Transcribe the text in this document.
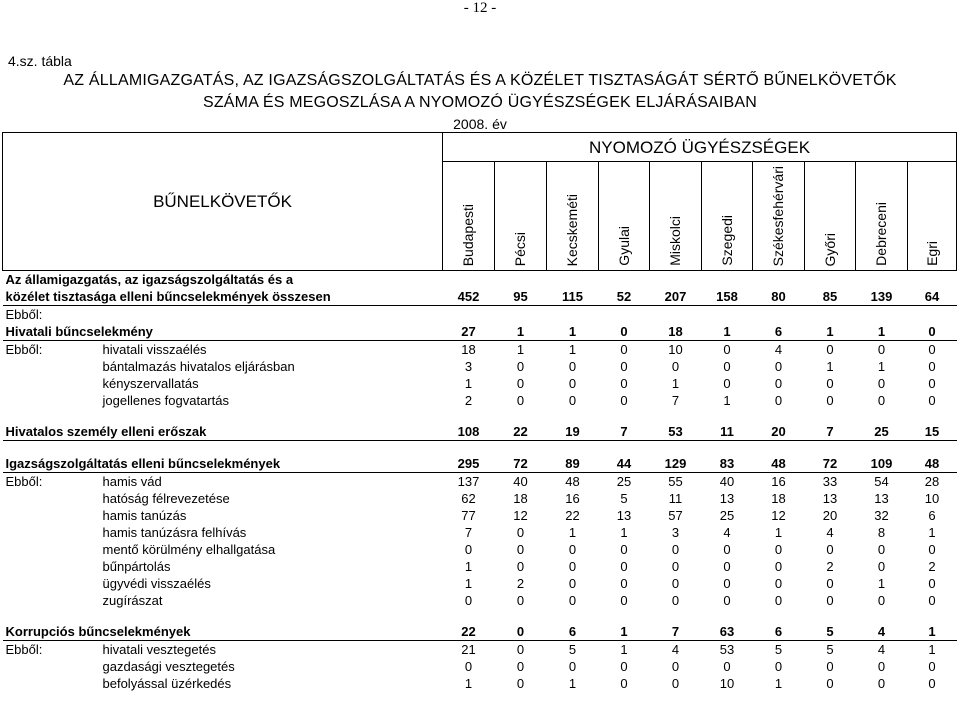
- 12 -
4.sz. tábla
AZ ÁLLAMIGAZGATÁS, AZ IGAZSÁGSZOLGÁLTATÁS ÉS A KÖZÉLET TISZTASÁGÁT SÉRTŐ BŰNELKÖVETŐK
SZÁMA ÉS MEGOSZLÁSA A NYOMOZÓ ÜGYÉSZSÉGEK ELJÁRÁSAIBAN
2008. év
BŰNELKÖVETŐK	NYOMOZÓ ÜGYÉSZSÉGEK									

	Budapesti	Pécsi	Kecskeméti	Gyulai	Miskolci	Szegedi	Székesfehérvári	Győri	Debreceni	Egri

Az államigazgatás, az igazságszolgáltatás és a										
közélet tisztasága elleni bűncselekmények összesen	452	95	115	52	207	158	80	85	139	64
Ebből:										
Hivatali bűncselekmény	27	1	1	0	18	1	6	1	1	0

Ebből: hivatali visszaélés	18	1	1	0	10	0	4	0	0	0

bántalmazás hivatalos eljárásban	3	0	0	0	0	0	0	1	1	0

kényszervallatás	1	0	0	0	1	0	0	0	0	0

jogellenes fogvatartás	2	0	0	0	7	1	0	0	0	0

Hivatalos személy elleni erőszak	108	22	19	7	53	11	20	7	25	15

Igazságszolgáltatás elleni bűncselekmények	295	72	89	44	129	83	48	72	109	48

Ebből: hamis vád	137	40	48	25	55	40	16	33	54	28

hatóság félrevezetése	62	18	16	5	11	13	18	13	13	10

hamis tanúzás	77	12	22	13	57	25	12	20	32	6

hamis tanúzásra felhívás	7	0	1	1	3	4	1	4	8	1

mentő körülmény elhallgatása	0	0	0	0	0	0	0	0	0	0

bűnpártolás	1	0	0	0	0	0	0	2	0	2

ügyvédi visszaélés	1	2	0	0	0	0	0	0	1	0

zugírászat	0	0	0	0	0	0	0	0	0	0

Korrupciós bűncselekmények	22	0	6	1	7	63	6	5	4	1

Ebből: hivatali vesztegetés	21	0	5	1	4	53	5	5	4	1

gazdasági vesztegetés	0	0	0	0	0	0	0	0	0	0

befolyással üzérkedés	1	0	1	0	0	10	1	0	0	0
